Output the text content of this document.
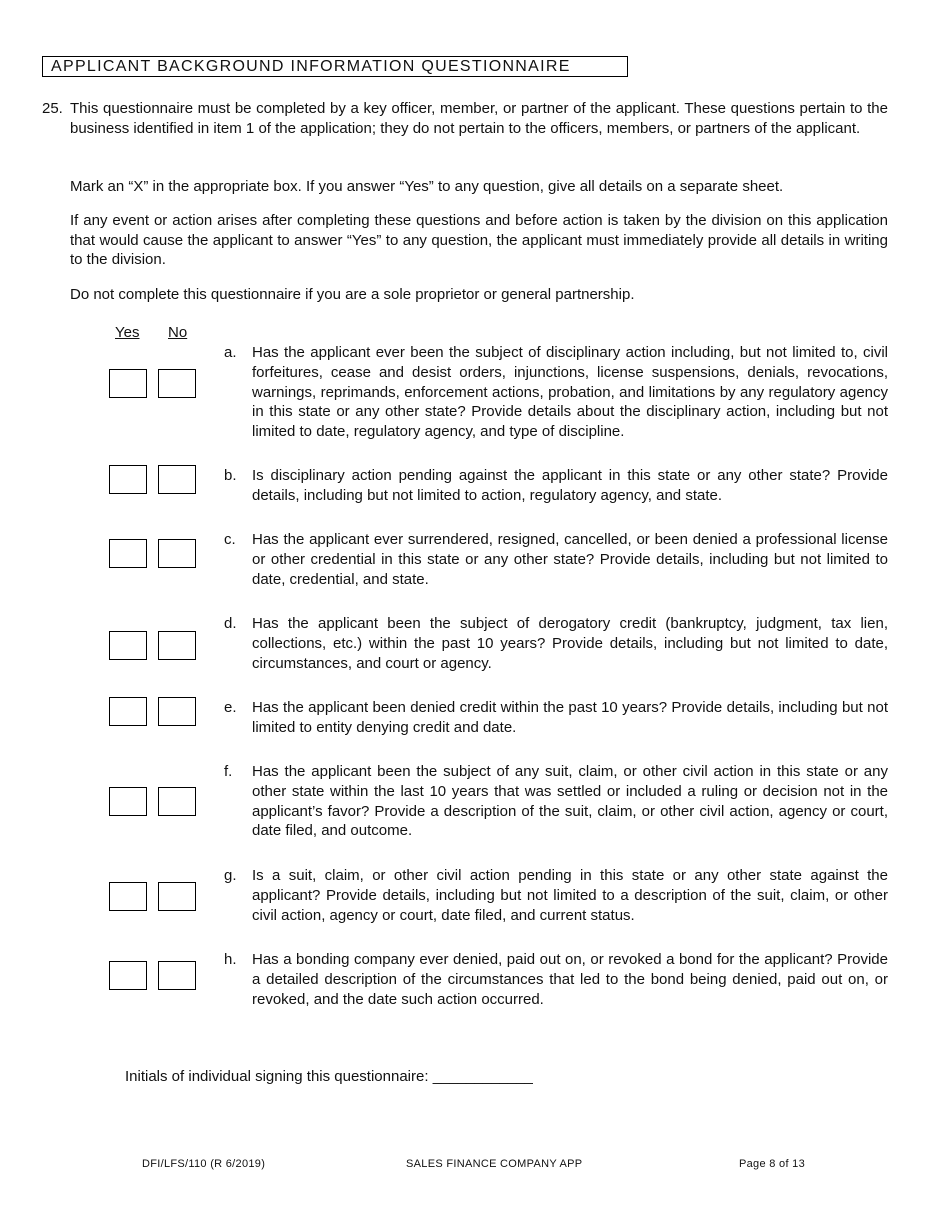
APPLICANT BACKGROUND INFORMATION QUESTIONNAIRE
25. This questionnaire must be completed by a key officer, member, or partner of the applicant. These questions pertain to the business identified in item 1 of the application; they do not pertain to the officers, members, or partners of the applicant.
Mark an “X” in the appropriate box. If you answer “Yes” to any question, give all details on a separate sheet.
If any event or action arises after completing these questions and before action is taken by the division on this application that would cause the applicant to answer “Yes” to any question, the applicant must immediately provide all details in writing to the division.
Do not complete this questionnaire if you are a sole proprietor or general partnership.
Yes No
a. Has the applicant ever been the subject of disciplinary action including, but not limited to, civil forfeitures, cease and desist orders, injunctions, license suspensions, denials, revocations, warnings, reprimands, enforcement actions, probation, and limitations by any regulatory agency in this state or any other state? Provide details about the disciplinary action, including but not limited to date, regulatory agency, and type of discipline.
b. Is disciplinary action pending against the applicant in this state or any other state? Provide details, including but not limited to action, regulatory agency, and state.
c. Has the applicant ever surrendered, resigned, cancelled, or been denied a professional license or other credential in this state or any other state? Provide details, including but not limited to date, credential, and state.
d. Has the applicant been the subject of derogatory credit (bankruptcy, judgment, tax lien, collections, etc.) within the past 10 years? Provide details, including but not limited to date, circumstances, and court or agency.
e. Has the applicant been denied credit within the past 10 years? Provide details, including but not limited to entity denying credit and date.
f. Has the applicant been the subject of any suit, claim, or other civil action in this state or any other state within the last 10 years that was settled or included a ruling or decision not in the applicant’s favor? Provide a description of the suit, claim, or other civil action, agency or court, date filed, and outcome.
g. Is a suit, claim, or other civil action pending in this state or any other state against the applicant? Provide details, including but not limited to a description of the suit, claim, or other civil action, agency or court, date filed, and current status.
h. Has a bonding company ever denied, paid out on, or revoked a bond for the applicant? Provide a detailed description of the circumstances that led to the bond being denied, paid out on, or revoked, and the date such action occurred.
Initials of individual signing this questionnaire: ____________
DFI/LFS/110 (R 6/2019)	SALES FINANCE COMPANY APP	Page 8 of 13
